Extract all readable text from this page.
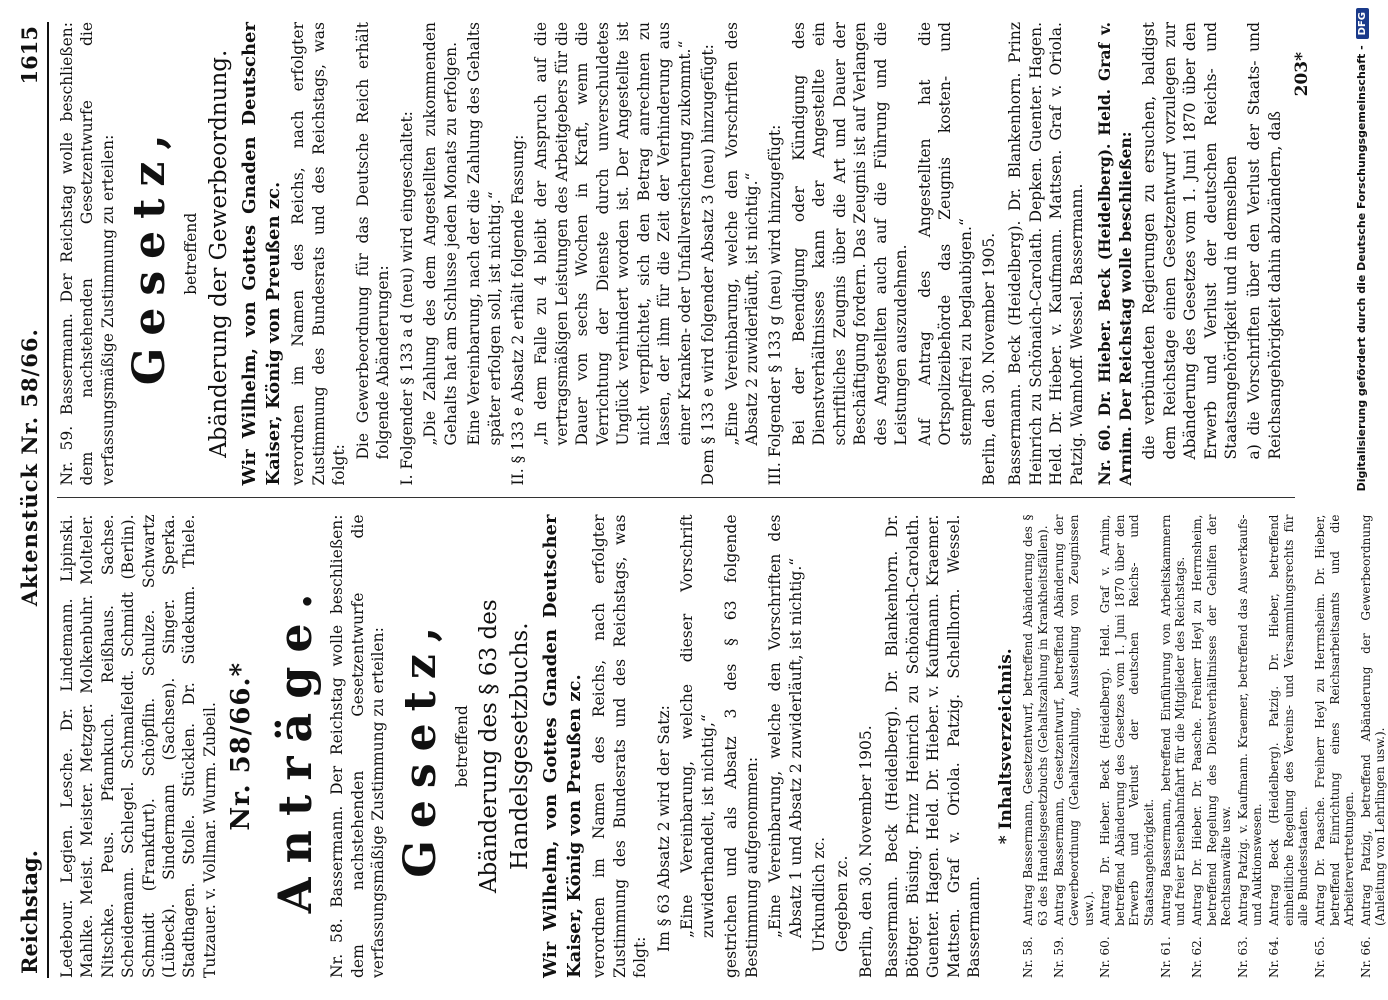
Reichstag.
Aktenstück Nr. 58/66.
1615

Ledebour. Legien. Lesche. Dr. Lindemann. Lipinski. Mahlke. Meist. Meister. Metzger. Molkenbuhr. Molteler. Nitschke. Peus. Pfannkuch. Reißhaus. Sachse. Scheidemann. Schlegel. Schmalfeldt. Schmidt (Berlin). Schmidt (Frankfurt). Schöpflin. Schulze. Schwartz (Lübeck). Sindermann (Sachsen). Singer. Sperka. Stadthagen. Stolle. Stücklen. Dr. Südekum. Thiele. Tutzauer. v. Vollmar. Wurm. Zubeil. Nr. 58/66.* Anträge. Nr. 58. Bassermann. Der Reichstag wolle beschließen: dem nachstehenden Gesetzentwurfe die verfassungsmäßige Zustimmung zu erteilen: Gesetz, betreffend Abänderung des § 63 des Handelsgesetzbuchs. Wir Wilhelm, von Gottes Gnaden Deutscher Kaiser, König von Preußen zc. verordnen im Namen des Reichs, nach erfolgter Zustimmung des Bundesrats und des Reichstags, was folgt:

Im § 63 Absatz 2 wird der Satz: „Eine Vereinbarung, welche dieser Vorschrift zuwiderhandelt, ist nichtig,“ gestrichen und als Absatz 3 des § 63 folgende Bestimmung aufgenommen: „Eine Vereinbarung, welche den Vorschriften des Absatz 1 und Absatz 2 zuwiderläuft, ist nichtig.“ Urkundlich zc. Gegeben zc. Berlin, den 30. November 1905. Bassermann. Beck (Heidelberg). Dr. Blankenhorn. Dr. Böttger. Büsing. Prinz Heinrich zu Schönaich-Carolath. Guenter. Hagen. Held. Dr. Hieber. v. Kaufmann. Kraemer. Mattsen. Graf v. Oriola. Patzig. Schellhorn. Wessel. Bassermann.

* Inhaltsverzeichnis.
Nr. 58.
Antrag Bassermann, Gesetzentwurf, betreffend Abänderung des § 63 des Handelsgesetzbuchs (Gehaltszahlung in Krankheitsfällen).
Nr. 59.
Antrag Bassermann, Gesetzentwurf, betreffend Abänderung der Gewerbeordnung (Gehaltszahlung, Ausstellung von Zeugnissen usw.).
Nr. 60.
Antrag Dr. Hieber. Beck (Heidelberg). Held. Graf v. Arnim, betreffend Abänderung des Gesetzes vom 1. Juni 1870 über den Erwerb und Verlust der deutschen Reichs- und Staatsangehörigkeit.
Nr. 61.
Antrag Bassermann, betreffend Einführung von Arbeitskammern und freier Eisenbahnfahrt für die Mitglieder des Reichstags.
Nr. 62.
Antrag Dr. Hieber. Dr. Paasche. Freiherr Heyl zu Herrnsheim, betreffend Regelung des Dienstverhältnisses der Gehilfen der Rechtsanwälte usw.
Nr. 63.
Antrag Patzig. v. Kaufmann. Kraemer, betreffend das Ausverkaufs- und Auktionswesen.
Nr. 64.
Antrag Beck (Heidelberg). Patzig. Dr. Hieber, betreffend einheitliche Regelung des Vereins- und Versammlungsrechts für alle Bundesstaaten.
Nr. 65.
Antrag Dr. Paasche. Freiherr Heyl zu Herrnsheim. Dr. Hieber, betreffend Einrichtung eines Reichsarbeitsamts und die Arbeitervertretungen.
Nr. 66.
Antrag Patzig, betreffend Abänderung der Gewerbeordnung (Anleitung von Lehrlingen usw.).

Nr. 59. Bassermann. Der Reichstag wolle beschließen: dem nachstehenden Gesetzentwurfe die verfassungsmäßige Zustimmung zu erteilen: Gesetz, betreffend Abänderung der Gewerbeordnung. Wir Wilhelm, von Gottes Gnaden Deutscher Kaiser, König von Preußen zc. verordnen im Namen des Reichs, nach erfolgter Zustimmung des Bundesrats und des Reichstags, was folgt:

Die Gewerbeordnung für das Deutsche Reich erhält folgende Abänderungen: I. Folgender § 133 a d (neu) wird eingeschaltet: „Die Zahlung des dem Angestellten zukommenden Gehalts hat am Schlusse jeden Monats zu erfolgen. Eine Vereinbarung, nach der die Zahlung des Gehalts später erfolgen soll, ist nichtig.“ II. § 133 e Absatz 2 erhält folgende Fassung: „In dem Falle zu 4 bleibt der Anspruch auf die vertragsmäßigen Leistungen des Arbeitgebers für die Dauer von sechs Wochen in Kraft, wenn die Verrichtung der Dienste durch unverschuldetes Unglück verhindert worden ist. Der Angestellte ist nicht verpflichtet, sich den Betrag anrechnen zu lassen, der ihm für die Zeit der Verhinderung aus einer Kranken- oder Unfallversicherung zukommt.“ Dem § 133 e wird folgender Absatz 3 (neu) hinzugefügt: „Eine Vereinbarung, welche den Vorschriften des Absatz 2 zuwiderläuft, ist nichtig.“ III. Folgender § 133 g (neu) wird hinzugefügt: Bei der Beendigung oder Kündigung des Dienstverhältnisses kann der Angestellte ein schriftliches Zeugnis über die Art und Dauer der Beschäftigung fordern. Das Zeugnis ist auf Verlangen des Angestellten auch auf die Führung und die Leistungen auszudehnen. Auf Antrag des Angestellten hat die Ortspolizeibehörde das Zeugnis kosten- und stempelfrei zu beglaubigen.“ Berlin, den 30. November 1905. Bassermann. Beck (Heidelberg). Dr. Blankenhorn. Prinz Heinrich zu Schönaich-Carolath. Depken. Guenter. Hagen. Held. Dr. Hieber. v. Kaufmann. Mattsen. Graf v. Oriola. Patzig. Wamhoff. Wessel. Bassermann. Nr. 60. Dr. Hieber. Beck (Heidelberg). Held. Graf v. Arnim. Der Reichstag wolle beschließen: die verbündeten Regierungen zu ersuchen, baldigst dem Reichstage einen Gesetzentwurf vorzulegen zur Abänderung des Gesetzes vom 1. Juni 1870 über den Erwerb und Verlust der deutschen Reichs- und Staatsangehörigkeit und in demselben a) die Vorschriften über den Verlust der Staats- und Reichsangehörigkeit dahin abzuändern, daß

203*	Digitalisierung gefördert durch die Deutsche Forschungsgemeinschaft -DFG
